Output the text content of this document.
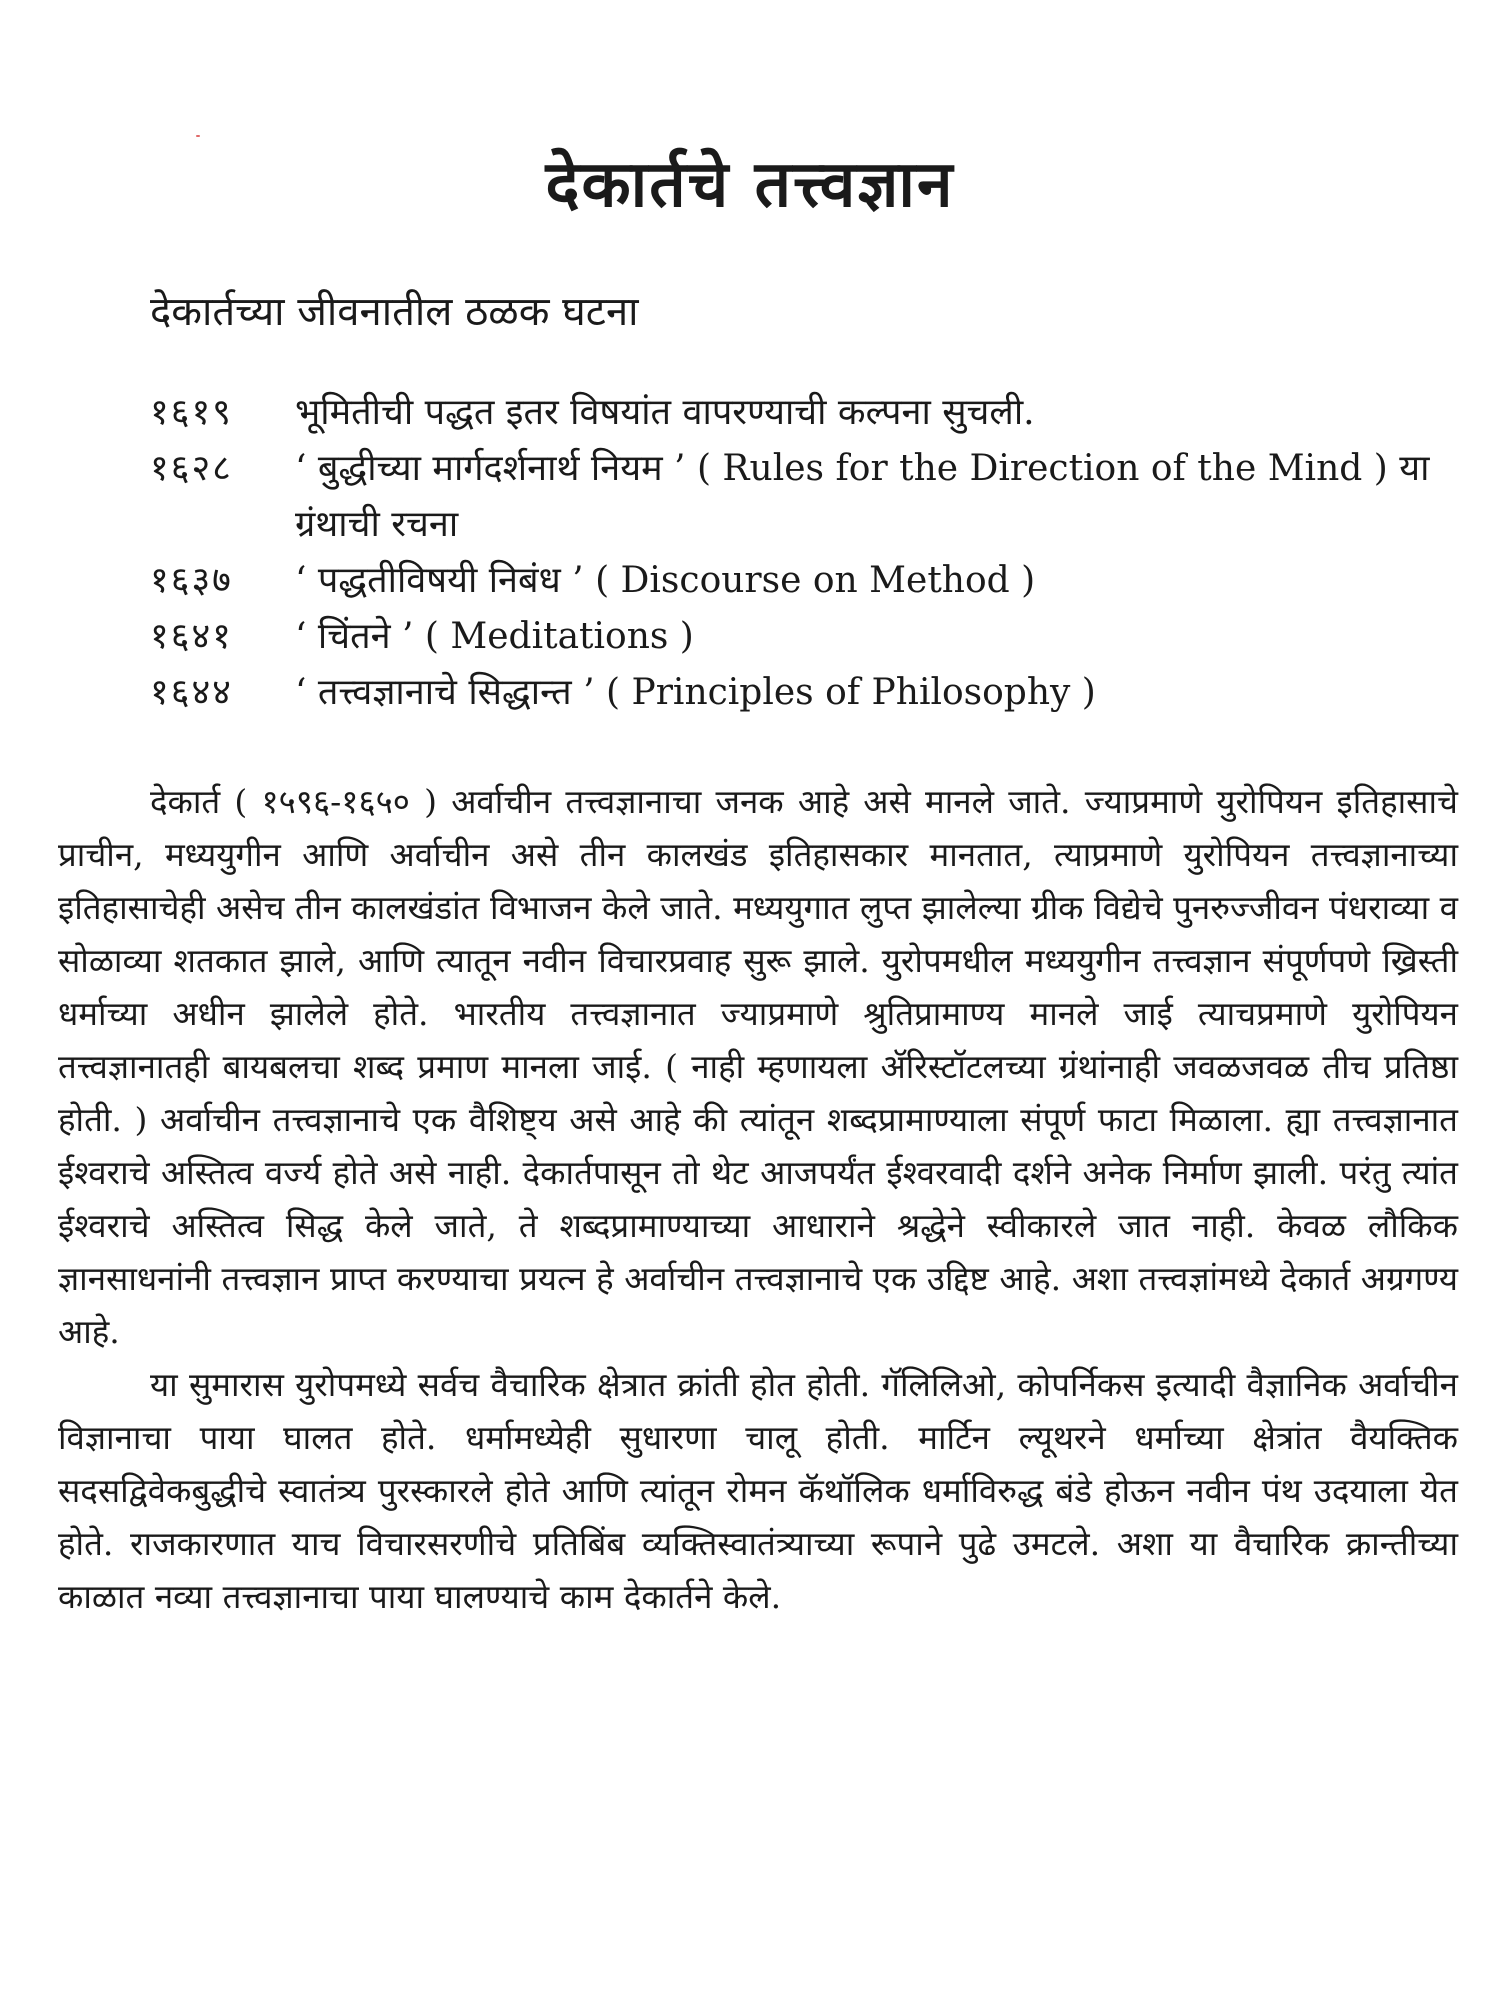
देकार्तचे तत्त्वज्ञान
देकार्तच्या जीवनातील ठळक घटना
१६१९	भूमितीची पद्धत इतर विषयांत वापरण्याची कल्पना सुचली.
१६२८	‘ बुद्धीच्या मार्गदर्शनार्थ नियम ’ ( Rules for the Direction of the Mind ) या ग्रंथाची रचना
१६३७	‘ पद्धतीविषयी निबंध ’ ( Discourse on Method )
१६४१	‘ चिंतने ’ ( Meditations )
१६४४	‘ तत्त्वज्ञानाचे सिद्धान्त ’ ( Principles of Philosophy )

देकार्त ( १५९६-१६५० ) अर्वाचीन तत्त्वज्ञानाचा जनक आहे असे मानले जाते. ज्याप्रमाणे युरोपियन इतिहासाचे प्राचीन, मध्ययुगीन आणि अर्वाचीन असे तीन कालखंड इतिहासकार मानतात, त्याप्रमाणे युरोपियन तत्त्वज्ञानाच्या इतिहासाचेही असेच तीन कालखंडांत विभाजन केले जाते. मध्ययुगात लुप्त झालेल्या ग्रीक विद्येचे पुनरुज्जीवन पंधराव्या व सोळाव्या शतकात झाले, आणि त्यातून नवीन विचारप्रवाह सुरू झाले. युरोपमधील मध्ययुगीन तत्त्वज्ञान संपूर्णपणे ख्रिस्ती धर्माच्या अधीन झालेले होते. भारतीय तत्त्वज्ञानात ज्याप्रमाणे श्रुतिप्रामाण्य मानले जाई त्याचप्रमाणे युरोपियन तत्त्वज्ञानातही बायबलचा शब्द प्रमाण मानला जाई. ( नाही म्हणायला ॲरिस्टॉटलच्या ग्रंथांनाही जवळजवळ तीच प्रतिष्ठा होती. ) अर्वाचीन तत्त्वज्ञानाचे एक वैशिष्ट्य असे आहे की त्यांतून शब्दप्रामाण्याला संपूर्ण फाटा मिळाला. ह्या तत्त्वज्ञानात ईश्वराचे अस्तित्व वर्ज्य होते असे नाही. देकार्तपासून तो थेट आजपर्यंत ईश्वरवादी दर्शने अनेक निर्माण झाली. परंतु त्यांत ईश्वराचे अस्तित्व सिद्ध केले जाते, ते शब्दप्रामाण्याच्या आधाराने श्रद्धेने स्वीकारले जात नाही. केवळ लौकिक ज्ञानसाधनांनी तत्त्वज्ञान प्राप्त करण्याचा प्रयत्न हे अर्वाचीन तत्त्वज्ञानाचे एक उद्दिष्ट आहे. अशा तत्त्वज्ञांमध्ये देकार्त अग्रगण्य आहे.

या सुमारास युरोपमध्ये सर्वच वैचारिक क्षेत्रात क्रांती होत होती. गॅलिलिओ, कोपर्निकस इत्यादी वैज्ञानिक अर्वाचीन विज्ञानाचा पाया घालत होते. धर्मामध्येही सुधारणा चालू होती. मार्टिन ल्यूथरने धर्माच्या क्षेत्रांत वैयक्तिक सदसद्विवेकबुद्धीचे स्वातंत्र्य पुरस्कारले होते आणि त्यांतून रोमन कॅथॉलिक धर्माविरुद्ध बंडे होऊन नवीन पंथ उदयाला येत होते. राजकारणात याच विचारसरणीचे प्रतिबिंब व्यक्तिस्वातंत्र्याच्या रूपाने पुढे उमटले. अशा या वैचारिक क्रान्तीच्या काळात नव्या तत्त्वज्ञानाचा पाया घालण्याचे काम देकार्तने केले.
